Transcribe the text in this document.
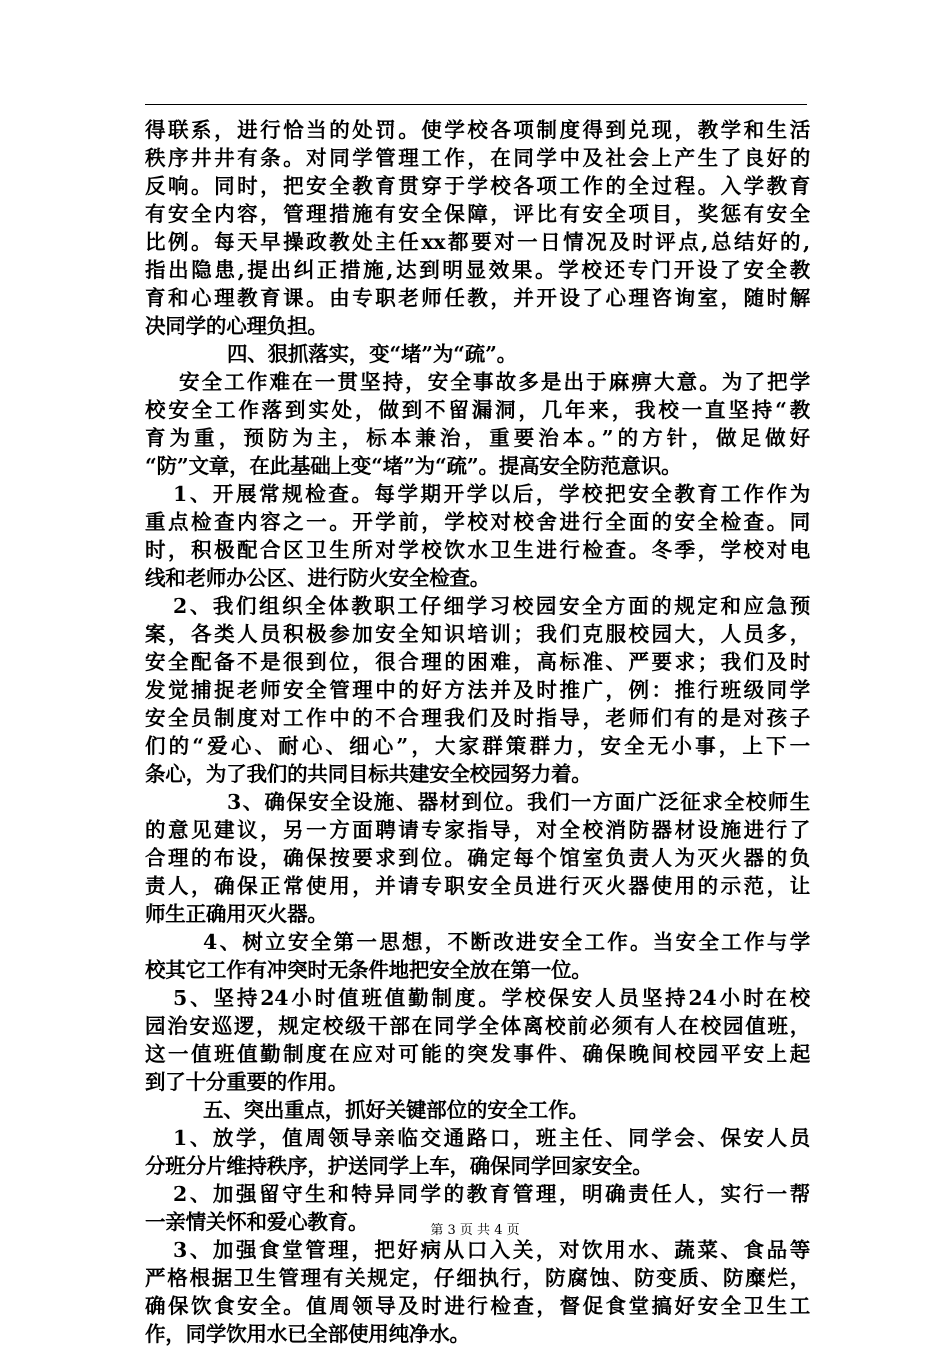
得联系，进行恰当的处罚。使学校各项制度得到兑现，教学和生活
秩序井井有条。对同学管理工作，在同学中及社会上产生了良好的
反响。同时，把安全教育贯穿于学校各项工作的全过程。入学教育
有安全内容，管理措施有安全保障，评比有安全项目，奖惩有安全
比例。每天早操政教处主任xx都要对一日情况及时评点,总结好的,
指出隐患,提出纠正措施,达到明显效果。学校还专门开设了安全教
育和心理教育课。由专职老师任教，并开设了心理咨询室，随时解
决同学的心理负担。
四、狠抓落实，变“堵”为“疏”。
安全工作难在一贯坚持，安全事故多是出于麻痹大意。为了把学
校安全工作落到实处，做到不留漏洞，几年来，我校一直坚持“教
育为重，预防为主，标本兼治，重要治本。”的方针，做足做好
“防”文章，在此基础上变“堵”为“疏”。提高安全防范意识。
1、开展常规检查。每学期开学以后，学校把安全教育工作作为
重点检查内容之一。开学前，学校对校舍进行全面的安全检查。同
时，积极配合区卫生所对学校饮水卫生进行检查。冬季，学校对电
线和老师办公区、进行防火安全检查。
2、我们组织全体教职工仔细学习校园安全方面的规定和应急预
案，各类人员积极参加安全知识培训；我们克服校园大，人员多，
安全配备不是很到位，很合理的困难，高标准、严要求；我们及时
发觉捕捉老师安全管理中的好方法并及时推广，例：推行班级同学
安全员制度对工作中的不合理我们及时指导，老师们有的是对孩子
们的“爱心、耐心、细心”，大家群策群力，安全无小事，上下一
条心，为了我们的共同目标共建安全校园努力着。
3、确保安全设施、器材到位。我们一方面广泛征求全校师生
的意见建议，另一方面聘请专家指导，对全校消防器材设施进行了
合理的布设，确保按要求到位。确定每个馆室负责人为灭火器的负
责人，确保正常使用，并请专职安全员进行灭火器使用的示范，让
师生正确用灭火器。
4、树立安全第一思想，不断改进安全工作。当安全工作与学
校其它工作有冲突时无条件地把安全放在第一位。
5、坚持24小时值班值勤制度。学校保安人员坚持24小时在校
园治安巡逻，规定校级干部在同学全体离校前必须有人在校园值班，
这一值班值勤制度在应对可能的突发事件、确保晚间校园平安上起
到了十分重要的作用。
五、突出重点，抓好关键部位的安全工作。
1、放学，值周领导亲临交通路口，班主任、同学会、保安人员
分班分片维持秩序，护送同学上车，确保同学回家安全。
2、加强留守生和特异同学的教育管理，明确责任人，实行一帮
一亲情关怀和爱心教育。
3、加强食堂管理，把好病从口入关，对饮用水、蔬菜、食品等
严格根据卫生管理有关规定，仔细执行，防腐蚀、防变质、防糜烂，
确保饮食安全。值周领导及时进行检查，督促食堂搞好安全卫生工
作，同学饮用水已全部使用纯净水。
第 3 页 共 4 页
